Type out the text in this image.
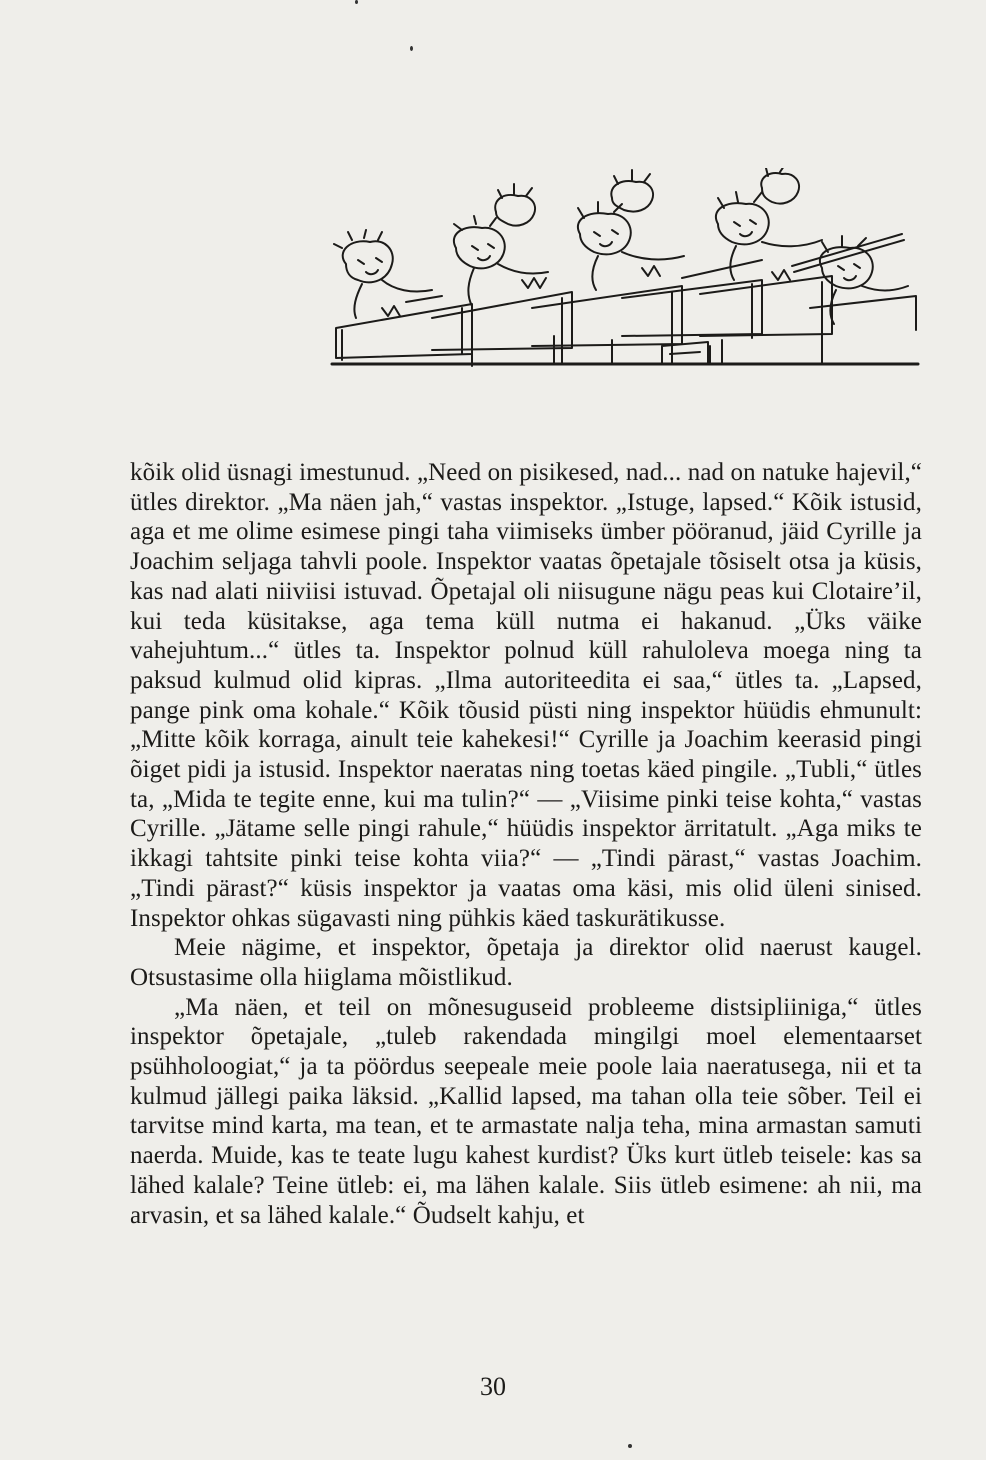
kõik olid üsnagi imestunud. „Need on pisikesed, nad... nad on natuke hajevil,“ ütles direktor. „Ma näen jah,“ vastas inspektor. „Istuge, lapsed.“ Kõik istusid, aga et me olime esimese pingi taha viimiseks ümber pööranud, jäid Cyrille ja Joachim seljaga tahvli poole. Inspektor vaatas õpetajale tõsiselt otsa ja küsis, kas nad alati niiviisi istuvad. Õpetajal oli niisugune nägu peas kui Clotaire’il, kui teda küsitakse, aga tema küll nutma ei hakanud. „Üks väike vahejuhtum...“ ütles ta. Inspektor polnud küll rahuloleva moega ning ta paksud kulmud olid kipras. „Ilma autoriteedita ei saa,“ ütles ta. „Lapsed, pange pink oma kohale.“ Kõik tõusid püsti ning inspektor hüüdis ehmunult: „Mitte kõik korraga, ainult teie kahekesi!“ Cyrille ja Joachim keerasid pingi õiget pidi ja istusid. Inspektor naeratas ning toetas käed pingile. „Tubli,“ ütles ta, „Mida te tegite enne, kui ma tulin?“ — „Viisime pinki teise kohta,“ vastas Cyrille. „Jätame selle pingi rahule,“ hüüdis inspektor ärritatult. „Aga miks te ikkagi tahtsite pinki teise kohta viia?“ — „Tindi pärast,“ vastas Joachim. „Tindi pärast?“ küsis inspektor ja vaatas oma käsi, mis olid üleni sinised. Inspektor ohkas sügavasti ning pühkis käed taskurätikusse.

Meie nägime, et inspektor, õpetaja ja direktor olid naerust kaugel. Otsustasime olla hiiglama mõistlikud.

„Ma näen, et teil on mõnesuguseid probleeme distsipliiniga,“ ütles inspektor õpetajale, „tuleb rakendada mingilgi moel elementaarset psühholoogiat,“ ja ta pöördus seepeale meie poole laia naeratusega, nii et ta kulmud jällegi paika läksid. „Kallid lapsed, ma tahan olla teie sõber. Teil ei tarvitse mind karta, ma tean, et te armastate nalja teha, mina armastan samuti naerda. Muide, kas te teate lugu kahest kurdist? Üks kurt ütleb teisele: kas sa lähed kalale? Teine ütleb: ei, ma lähen kalale. Siis ütleb esimene: ah nii, ma arvasin, et sa lähed kalale.“ Õudselt kahju, et

30
